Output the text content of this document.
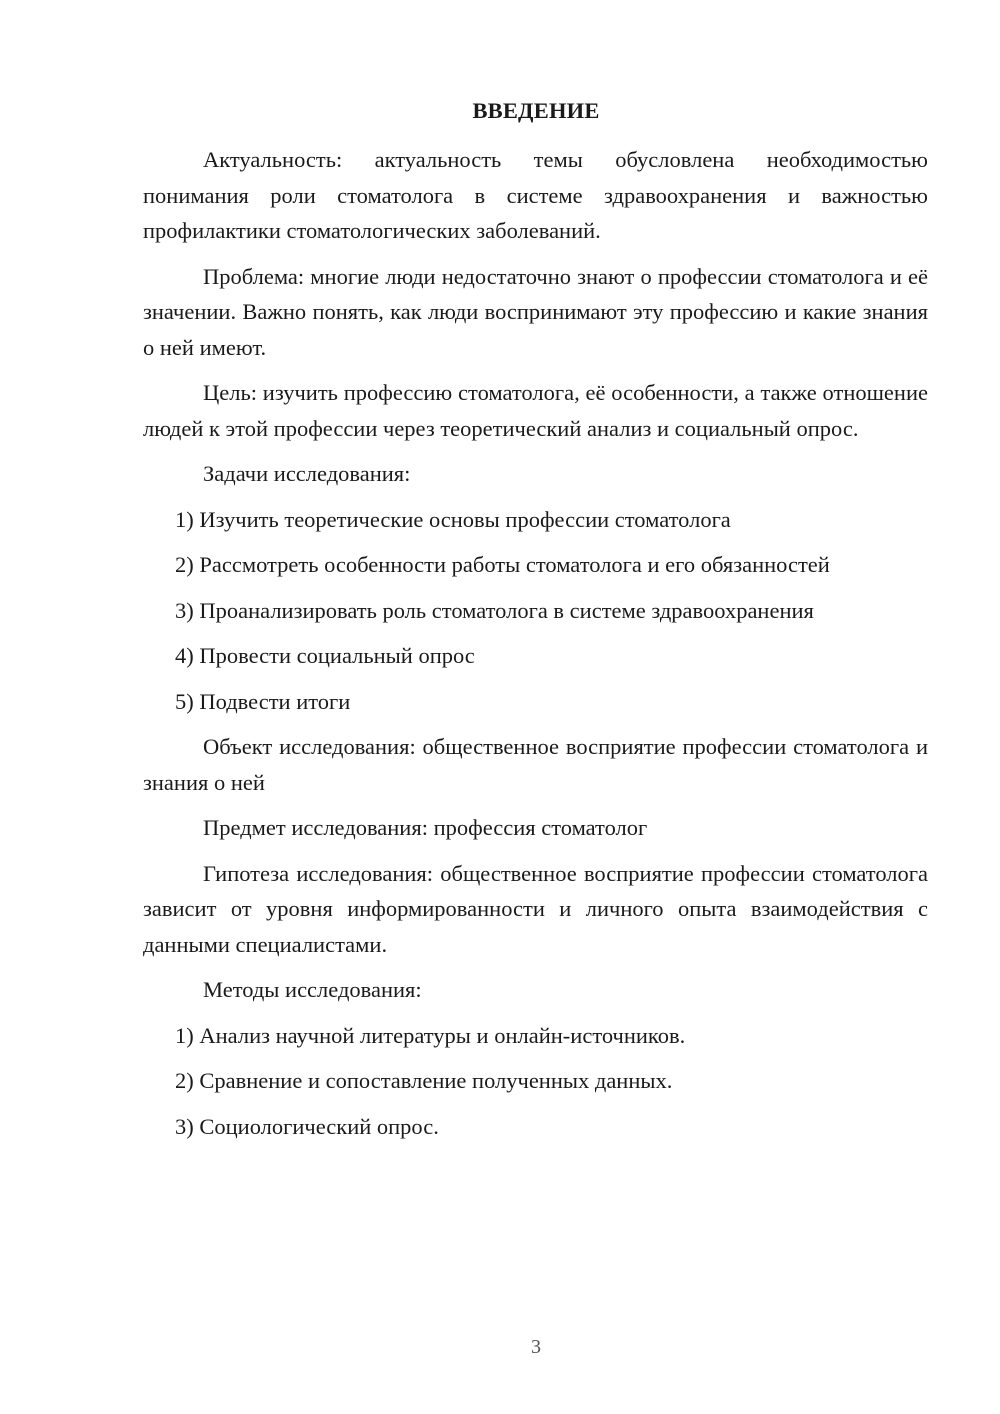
ВВЕДЕНИЕ

Актуальность: актуальность темы обусловлена необходимостью понимания роли стоматолога в системе здравоохранения и важностью профилактики стоматологических заболеваний.

Проблема: многие люди недостаточно знают о профессии стоматолога и её значении. Важно понять, как люди воспринимают эту профессию и какие знания о ней имеют.

Цель: изучить профессию стоматолога, её особенности, а также отношение людей к этой профессии через теоретический анализ и социальный опрос.

Задачи исследования:

1) Изучить теоретические основы профессии стоматолога

2) Рассмотреть особенности работы стоматолога и его обязанностей

3) Проанализировать роль стоматолога в системе здравоохранения

4) Провести социальный опрос

5) Подвести итоги

Объект исследования: общественное восприятие профессии стоматолога и знания о ней

Предмет исследования: профессия стоматолог

Гипотеза исследования: общественное восприятие профессии стоматолога зависит от уровня информированности и личного опыта взаимодействия с данными специалистами.

Методы исследования:

1) Анализ научной литературы и онлайн-источников.

2) Сравнение и сопоставление полученных данных.

3) Социологический опрос.

3
